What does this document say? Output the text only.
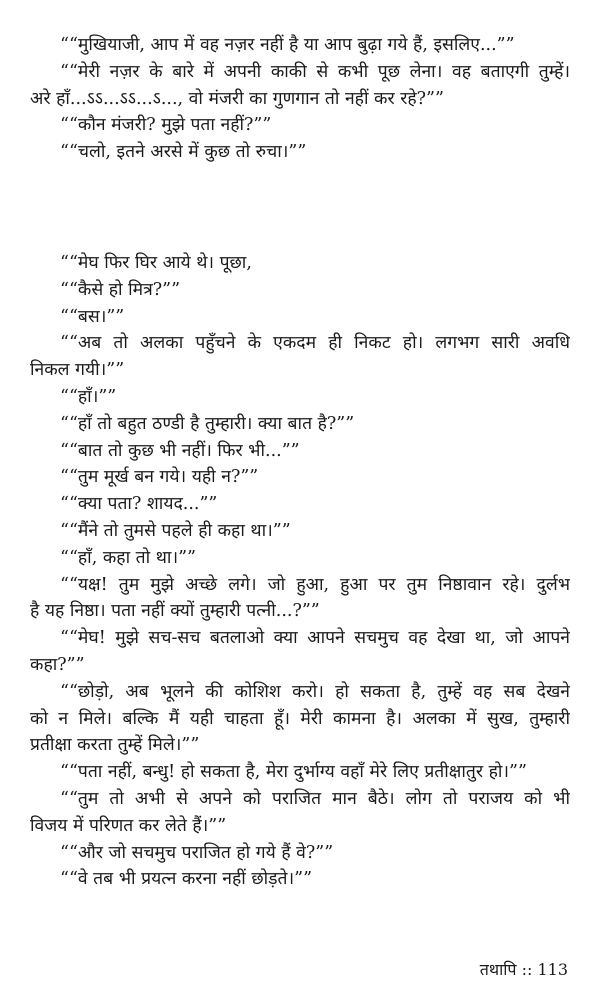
““मुखियाजी, आप में वह नज़र नहीं है या आप बुढ़ा गये हैं, इसलिए...””
““मेरी नज़र के बारे में अपनी काकी से कभी पूछ लेना। वह बताएगी तुम्हें।
अरे हाँ...ऽऽ...ऽऽ...ऽ..., वो मंजरी का गुणगान तो नहीं कर रहे?””
““कौन मंजरी? मुझे पता नहीं?””
““चलो, इतने अरसे में कुछ तो रुचा।””
““मेघ फिर घिर आये थे। पूछा,
““कैसे हो मित्र?””
““बस।””
““अब तो अलका पहुँचने के एकदम ही निकट हो। लगभग सारी अवधि
निकल गयी।””
““हाँ।””
““हाँ तो बहुत ठण्डी है तुम्हारी। क्या बात है?””
““बात तो कुछ भी नहीं। फिर भी...””
““तुम मूर्ख बन गये। यही न?””
““क्या पता? शायद...””
““मैंने तो तुमसे पहले ही कहा था।””
““हाँ, कहा तो था।””
““यक्ष! तुम मुझे अच्छे लगे। जो हुआ, हुआ पर तुम निष्ठावान रहे। दुर्लभ
है यह निष्ठा। पता नहीं क्यों तुम्हारी पत्नी...?””
““मेघ! मुझे सच-सच बतलाओ क्या आपने सचमुच वह देखा था, जो आपने
कहा?””
““छोड़ो, अब भूलने की कोशिश करो। हो सकता है, तुम्हें वह सब देखने
को न मिले। बल्कि मैं यही चाहता हूँ। मेरी कामना है। अलका में सुख, तुम्हारी
प्रतीक्षा करता तुम्हें मिले।””
““पता नहीं, बन्धु! हो सकता है, मेरा दुर्भाग्य वहाँ मेरे लिए प्रतीक्षातुर हो।””
““तुम तो अभी से अपने को पराजित मान बैठे। लोग तो पराजय को भी
विजय में परिणत कर लेते हैं।””
““और जो सचमुच पराजित हो गये हैं वे?””
““वे तब भी प्रयत्न करना नहीं छोड़ते।””
तथापि :: 113
